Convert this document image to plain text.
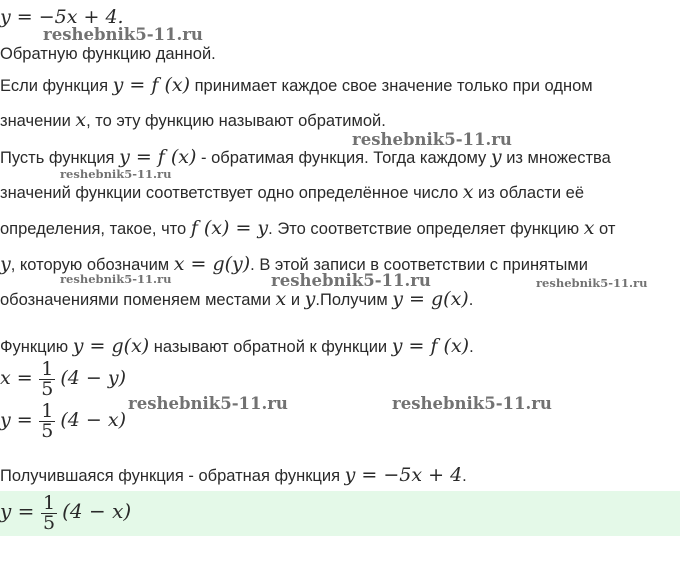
y = −5x + 4.
Обратную функцию данной.
Если функция y = f (x) принимает каждое свое значение только при одном
значении x, то эту функцию называют обратимой.
Пусть функция y = f (x) - обратимая функция. Тогда каждому y из множества
значений функции соответствует одно определённое число x из области её
определения, такое, что f (x) = y. Это соответствие определяет функцию x от
y, которую обозначим x = g(y). В этой записи в соответствии с принятыми
обозначениями поменяем местами x и y.Получим y = g(x).
Функцию y = g(x) называют обратной к функции y = f (x).
$x = \frac{1}{5} (4 - y)$
$y = \frac{1}{5} (4 - x)$
Получившаяся функция - обратная функция y = −5x + 4.
$y = \frac{1}{5} (4 - x)$
reshebnik5-11.ru
reshebnik5-11.ru
reshebnik5-11.ru
reshebnik5-11.ru
reshebnik5-11.ru	reshebnik5-11.ru
reshebnik5-11.ru	reshebnik5-11.ru
